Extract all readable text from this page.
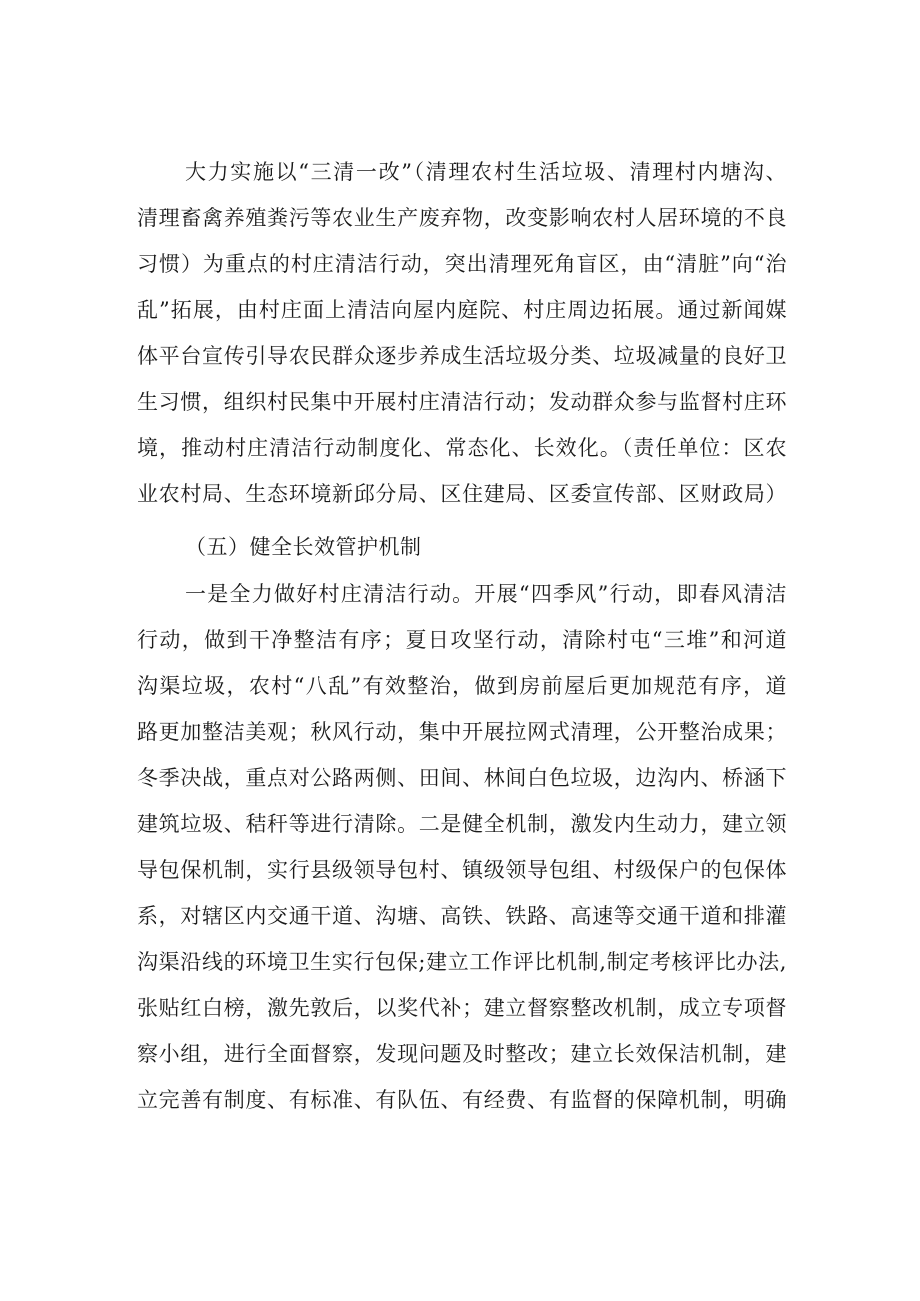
大力实施以“三清一改”（清理农村生活垃圾、清理村内塘沟、
清理畜禽养殖粪污等农业生产废弃物，改变影响农村人居环境的不良
习惯）为重点的村庄清洁行动，突出清理死角盲区，由“清脏”向“治
乱”拓展，由村庄面上清洁向屋内庭院、村庄周边拓展。通过新闻媒
体平台宣传引导农民群众逐步养成生活垃圾分类、垃圾减量的良好卫
生习惯，组织村民集中开展村庄清洁行动；发动群众参与监督村庄环
境，推动村庄清洁行动制度化、常态化、长效化。（责任单位：区农
业农村局、生态环境新邱分局、区住建局、区委宣传部、区财政局）
（五）健全长效管护机制
一是全力做好村庄清洁行动。开展“四季风”行动，即春风清洁
行动，做到干净整洁有序；夏日攻坚行动，清除村屯“三堆”和河道
沟渠垃圾，农村“八乱”有效整治，做到房前屋后更加规范有序，道
路更加整洁美观；秋风行动，集中开展拉网式清理，公开整治成果；
冬季决战，重点对公路两侧、田间、林间白色垃圾，边沟内、桥涵下
建筑垃圾、秸秆等进行清除。二是健全机制，激发内生动力，建立领
导包保机制，实行县级领导包村、镇级领导包组、村级保户的包保体
系，对辖区内交通干道、沟塘、高铁、铁路、高速等交通干道和排灌
沟渠沿线的环境卫生实行包保;建立工作评比机制,制定考核评比办法,
张贴红白榜，激先敦后，以奖代补；建立督察整改机制，成立专项督
察小组，进行全面督察，发现问题及时整改；建立长效保洁机制，建
立完善有制度、有标准、有队伍、有经费、有监督的保障机制，明确
